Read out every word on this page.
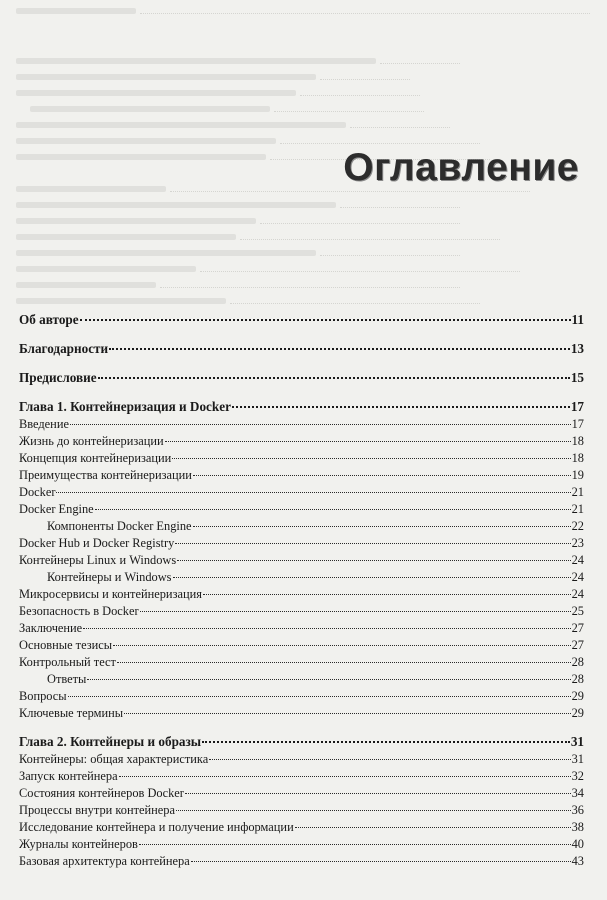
Оглавление
Об авторе	11
Благодарности	13
Предисловие	15
Глава 1. Контейнеризация и Docker	17
Введение	17
Жизнь до контейнеризации	18
Концепция контейнеризации	18
Преимущества контейнеризации	19
Docker	21
Docker Engine	21
Компоненты Docker Engine	22
Docker Hub и Docker Registry	23
Контейнеры Linux и Windows	24
Контейнеры и Windows	24
Микросервисы и контейнеризация	24
Безопасность в Docker	25
Заключение	27
Основные тезисы	27
Контрольный тест	28
Ответы	28
Вопросы	29
Ключевые термины	29
Глава 2. Контейнеры и образы	31
Контейнеры: общая характеристика	31
Запуск контейнера	32
Состояния контейнеров Docker	34
Процессы внутри контейнера	36
Исследование контейнера и получение информации	38
Журналы контейнеров	40
Базовая архитектура контейнера	43
